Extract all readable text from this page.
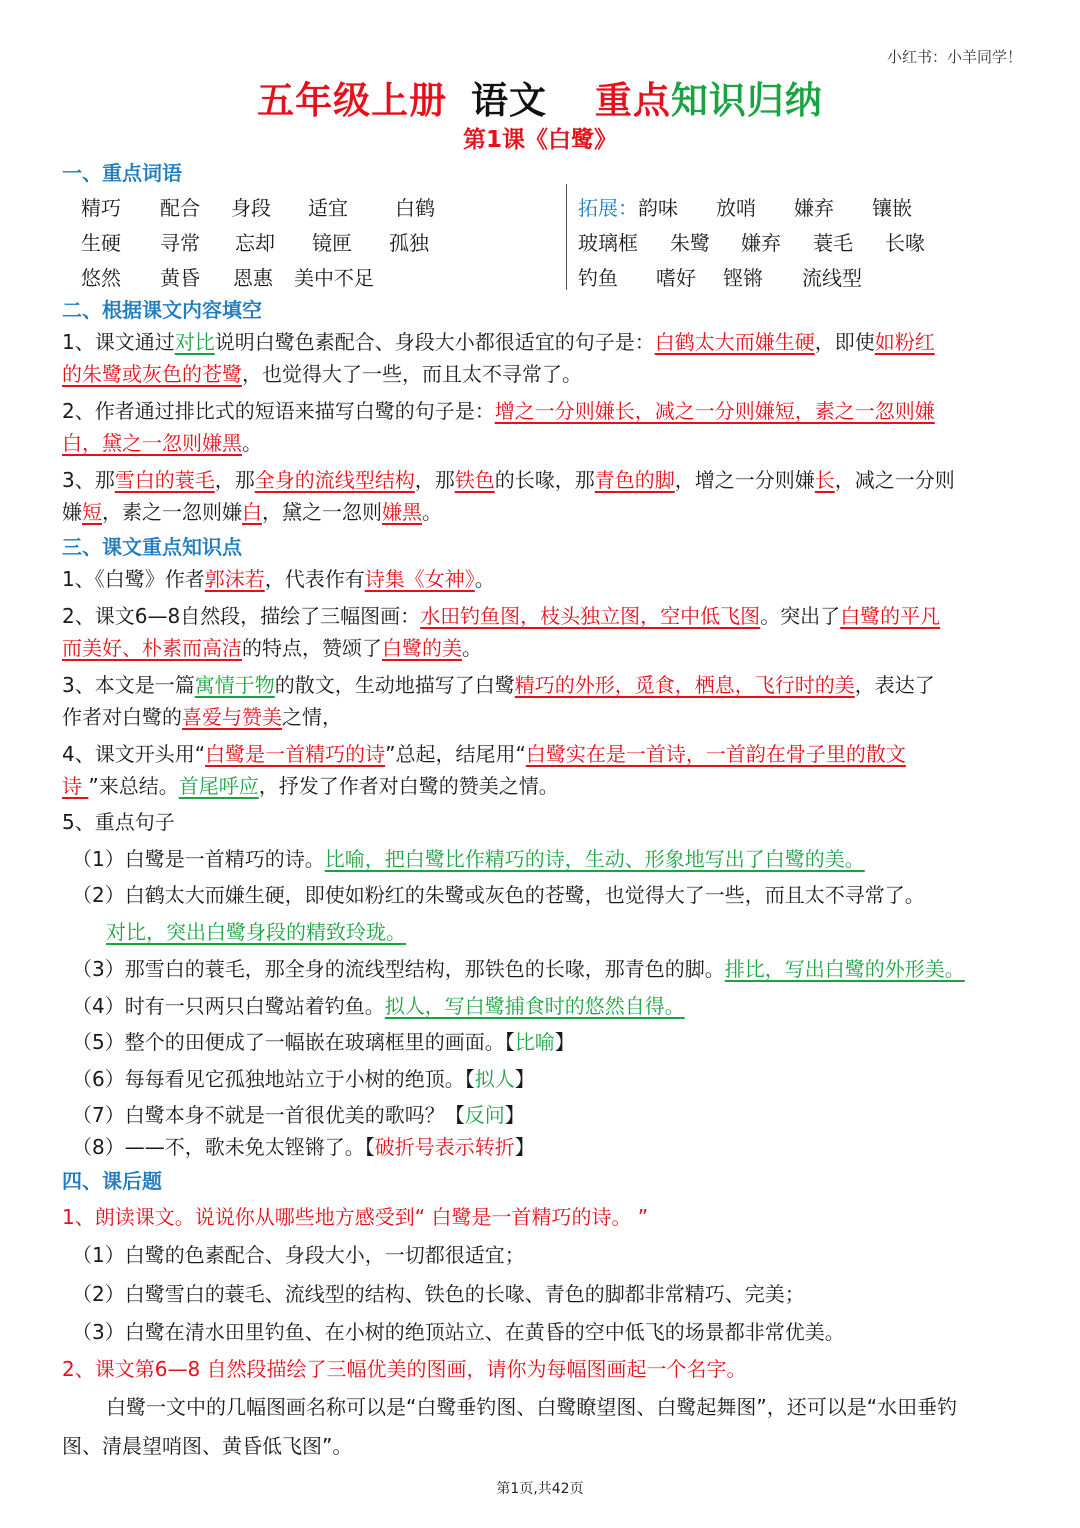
小红书：小羊同学！
五年级上册 语文 重点知识归纳
第1课《白鹭》
一、重点词语
精巧 配合 身段 适宜 白鹤
生硬 寻常 忘却 镜匣 孤独
悠然 黄昏 恩惠 美中不足
拓展： 韵味 放哨 嫌弃 镶嵌
玻璃框 朱鹭 嫌弃 蓑毛 长喙
钓鱼 嗜好 铿锵 流线型
二、根据课文内容填空
1、课文通过对比说明白鹭色素配合、身段大小都很适宜的句子是：白鹤太大而嫌生硬，即使如粉红
的朱鹭或灰色的苍鹭，也觉得大了一些，而且太不寻常了。
2、作者通过排比式的短语来描写白鹭的句子是：增之一分则嫌长，减之一分则嫌短，素之一忽则嫌
白，黛之一忽则嫌黑。
3、那雪白的蓑毛，那全身的流线型结构，那铁色的长喙，那青色的脚，增之一分则嫌长，减之一分则
嫌短，素之一忽则嫌白，黛之一忽则嫌黑。
三、课文重点知识点
1、《白鹭》作者郭沫若，代表作有诗集《女神》。
2、课文6—8自然段，描绘了三幅图画：水田钓鱼图，枝头独立图，空中低飞图。突出了白鹭的平凡
而美好、朴素而高洁的特点，赞颂了白鹭的美。
3、本文是一篇寓情于物的散文，生动地描写了白鹭精巧的外形，觅食，栖息，飞行时的美，表达了
作者对白鹭的喜爱与赞美之情，
4、课文开头用“白鹭是一首精巧的诗”总起，结尾用“白鹭实在是一首诗，一首韵在骨子里的散文
诗 ”来总结。首尾呼应，抒发了作者对白鹭的赞美之情。
5、重点句子
（1）白鹭是一首精巧的诗。比喻，把白鹭比作精巧的诗，生动、形象地写出了白鹭的美。
（2）白鹤太大而嫌生硬，即使如粉红的朱鹭或灰色的苍鹭，也觉得大了一些，而且太不寻常了。
对比，突出白鹭身段的精致玲珑。
（3）那雪白的蓑毛，那全身的流线型结构，那铁色的长喙，那青色的脚。排比，写出白鹭的外形美。
（4）时有一只两只白鹭站着钓鱼。拟人，写白鹭捕食时的悠然自得。
（5）整个的田便成了一幅嵌在玻璃框里的画面。【比喻】
（6）每每看见它孤独地站立于小树的绝顶。【拟人】
（7）白鹭本身不就是一首很优美的歌吗？【反问】
（8）——不，歌未免太铿锵了。【破折号表示转折】
四、课后题
1、朗读课文。说说你从哪些地方感受到“ 白鹭是一首精巧的诗。 ”
（1）白鹭的色素配合、身段大小，一切都很适宜；
（2）白鹭雪白的蓑毛、流线型的结构、铁色的长喙、青色的脚都非常精巧、完美；
（3）白鹭在清水田里钓鱼、在小树的绝顶站立、在黄昏的空中低飞的场景都非常优美。
2、课文第6—8 自然段描绘了三幅优美的图画，请你为每幅图画起一个名字。
白鹭一文中的几幅图画名称可以是“白鹭垂钓图、白鹭瞭望图、白鹭起舞图”，还可以是“水田垂钓
图、清晨望哨图、黄昏低飞图”。
第1页,共42页
